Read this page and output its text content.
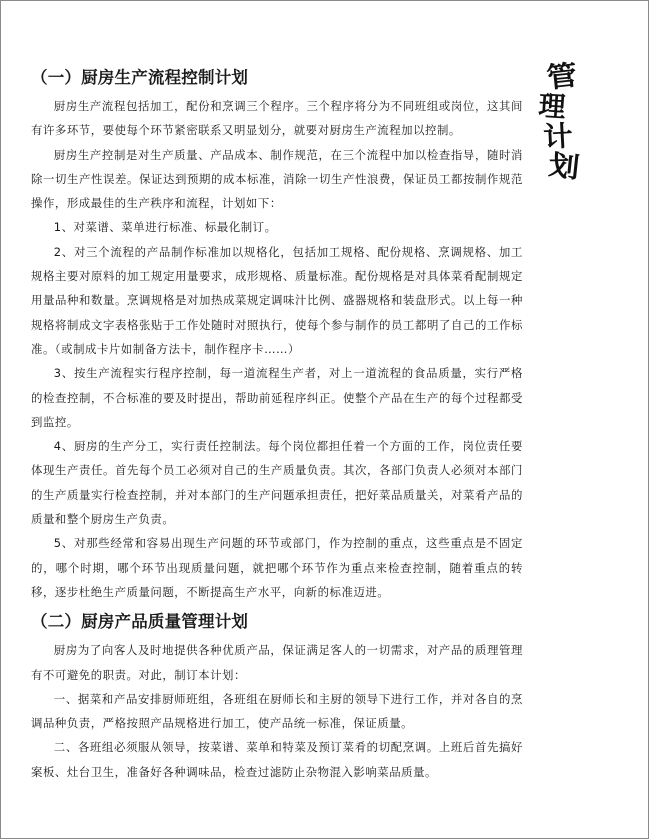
管
理
计
划
（一）厨房生产流程控制计划

厨房生产流程包括加工，配份和烹调三个程序。三个程序将分为不同班组或岗位，这其间有许多环节，要使每个环节紧密联系又明显划分，就要对厨房生产流程加以控制。

厨房生产控制是对生产质量、产品成本、制作规范，在三个流程中加以检查指导，随时消除一切生产性误差。保证达到预期的成本标准，消除一切生产性浪费，保证员工都按制作规范操作，形成最佳的生产秩序和流程，计划如下：

1、对菜谱、菜单进行标准、标最化制订。

2、对三个流程的产品制作标准加以规格化，包括加工规格、配份规格、烹调规格、加工规格主要对原料的加工规定用量要求，成形规格、质量标准。配份规格是对具体菜肴配制规定用量品种和数量。烹调规格是对加热成菜规定调味汁比例、盛器规格和装盘形式。以上每一种规格将制成文字表格张贴于工作处随时对照执行，使每个参与制作的员工都明了自己的工作标准。（或制成卡片如制备方法卡，制作程序卡……）

3、按生产流程实行程序控制，每一道流程生产者，对上一道流程的食品质量，实行严格的检查控制，不合标准的要及时提出，帮助前延程序纠正。使整个产品在生产的每个过程都受到监控。

4、厨房的生产分工，实行责任控制法。每个岗位都担任着一个方面的工作，岗位责任要体现生产责任。首先每个员工必须对自己的生产质量负责。其次，各部门负责人必须对本部门的生产质量实行检查控制，并对本部门的生产问题承担责任，把好菜品质量关，对菜肴产品的质量和整个厨房生产负责。

5、对那些经常和容易出现生产问题的环节或部门，作为控制的重点，这些重点是不固定的，哪个时期，哪个环节出现质量问题，就把哪个环节作为重点来检查控制，随着重点的转移，逐步杜绝生产质量问题，不断提高生产水平，向新的标准迈进。

（二）厨房产品质量管理计划

厨房为了向客人及时地提供各种优质产品，保证满足客人的一切需求，对产品的质理管理有不可避免的职责。对此，制订本计划：

一、据菜和产品安排厨师班组，各班组在厨师长和主厨的领导下进行工作，并对各自的烹调品种负责，严格按照产品规格进行加工，使产品统一标准，保证质量。

二、各班组必须服从领导，按菜谱、菜单和特菜及预订菜肴的切配烹调。上班后首先搞好案板、灶台卫生，准备好各种调味品，检查过滤防止杂物混入影响菜品质量。
